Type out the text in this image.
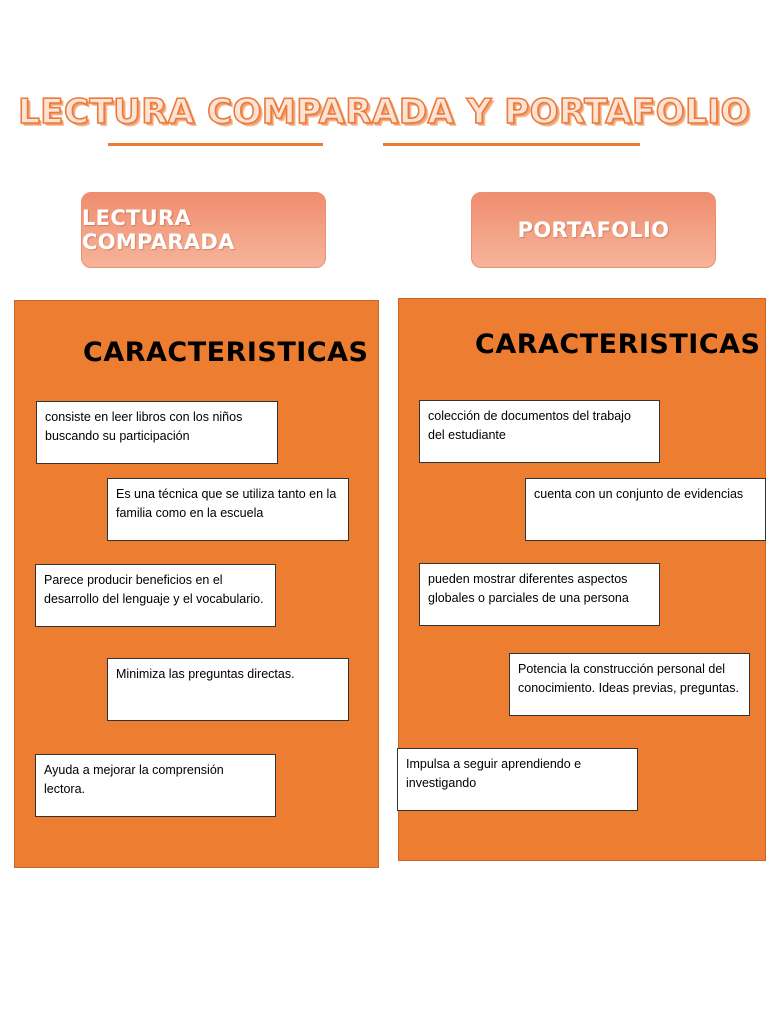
LECTURA COMPARADA Y PORTAFOLIO
LECTURA COMPARADA	PORTAFOLIO
CARACTERISTICAS
consiste en leer libros con los niños buscando su participación
Es una técnica que se utiliza tanto en la familia como en la escuela
Parece producir beneficios en el desarrollo del lenguaje y el vocabulario.
Minimiza las preguntas directas.
Ayuda a mejorar la comprensión lectora.
CARACTERISTICAS
colección de documentos del trabajo del estudiante
cuenta con un conjunto de evidencias
pueden mostrar diferentes aspectos globales o parciales de una persona
Potencia la construcción personal del conocimiento. Ideas previas, preguntas.
Impulsa a seguir aprendiendo e investigando
